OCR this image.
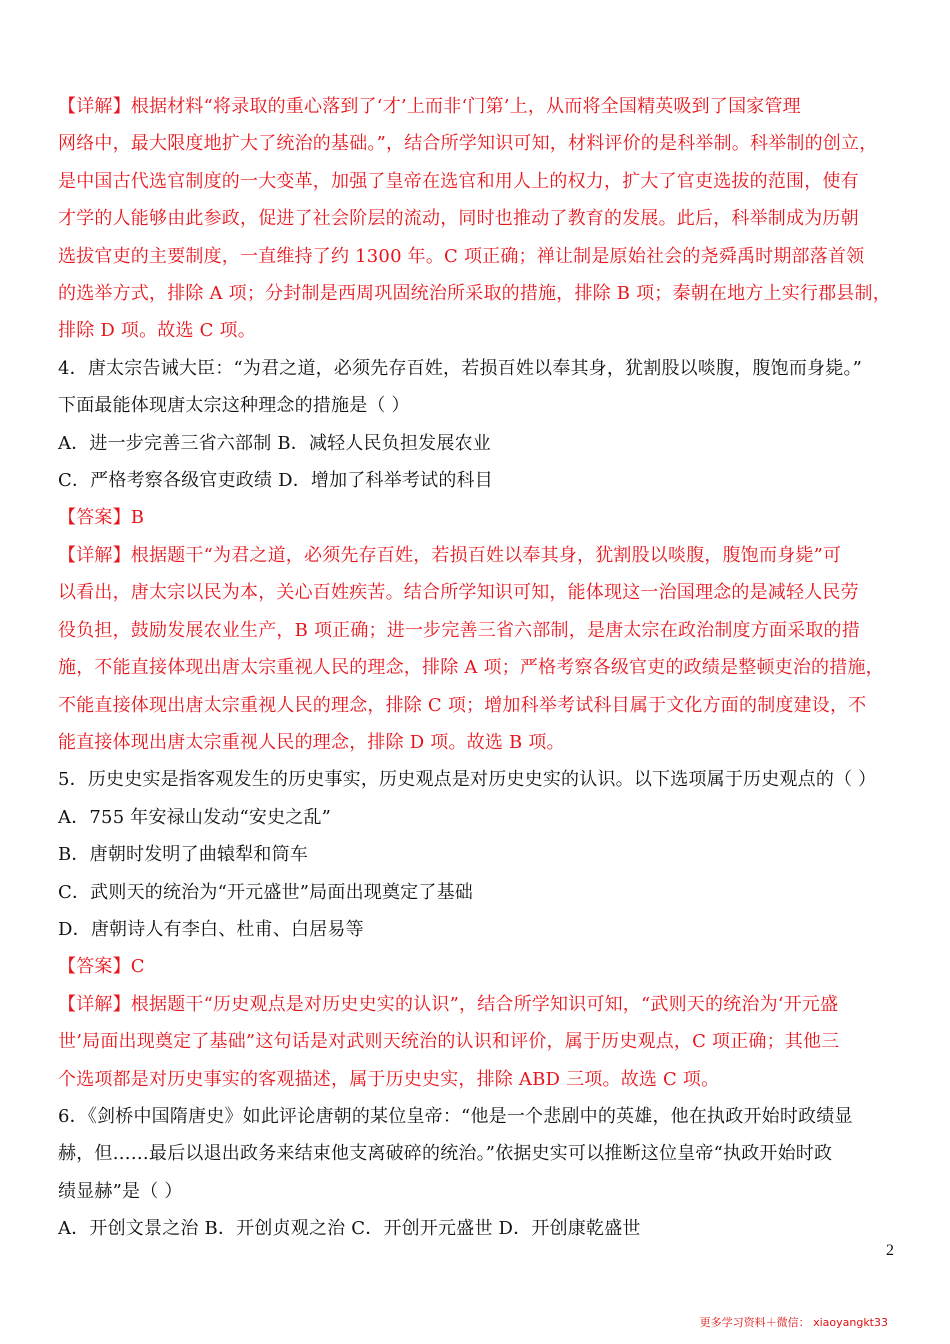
【详解】根据材料“将录取的重心落到了‘才’上而非‘门第’上，从而将全国精英吸到了国家管理
网络中，最大限度地扩大了统治的基础。”，结合所学知识可知，材料评价的是科举制。科举制的创立，
是中国古代选官制度的一大变革，加强了皇帝在选官和用人上的权力，扩大了官吏选拔的范围，使有
才学的人能够由此参政，促进了社会阶层的流动，同时也推动了教育的发展。此后，科举制成为历朝
选拔官吏的主要制度，一直维持了约 1300 年。C 项正确；禅让制是原始社会的尧舜禹时期部落首领
的选举方式，排除 A 项；分封制是西周巩固统治所采取的措施，排除 B 项；秦朝在地方上实行郡县制，
排除 D 项。故选 C 项。
4．唐太宗告诫大臣：“为君之道，必须先存百姓，若损百姓以奉其身，犹割股以啖腹，腹饱而身毙。”
下面最能体现唐太宗这种理念的措施是（ ）
A．进一步完善三省六部制 B．减轻人民负担发展农业
C．严格考察各级官吏政绩 D．增加了科举考试的科目
【答案】B
【详解】根据题干“为君之道，必须先存百姓，若损百姓以奉其身，犹割股以啖腹，腹饱而身毙”可
以看出，唐太宗以民为本，关心百姓疾苦。结合所学知识可知，能体现这一治国理念的是减轻人民劳
役负担，鼓励发展农业生产，B 项正确；进一步完善三省六部制，是唐太宗在政治制度方面采取的措
施，不能直接体现出唐太宗重视人民的理念，排除 A 项；严格考察各级官吏的政绩是整顿吏治的措施，
不能直接体现出唐太宗重视人民的理念，排除 C 项；增加科举考试科目属于文化方面的制度建设，不
能直接体现出唐太宗重视人民的理念，排除 D 项。故选 B 项。
5．历史史实是指客观发生的历史事实，历史观点是对历史史实的认识。以下选项属于历史观点的（ ）
A．755 年安禄山发动“安史之乱”
B．唐朝时发明了曲辕犁和筒车
C．武则天的统治为“开元盛世”局面出现奠定了基础
D．唐朝诗人有李白、杜甫、白居易等
【答案】C
【详解】根据题干“历史观点是对历史史实的认识”，结合所学知识可知，“武则天的统治为‘开元盛
世’局面出现奠定了基础”这句话是对武则天统治的认识和评价，属于历史观点，C 项正确；其他三
个选项都是对历史事实的客观描述，属于历史史实，排除 ABD 三项。故选 C 项。
6．《剑桥中国隋唐史》如此评论唐朝的某位皇帝：“他是一个悲剧中的英雄，他在执政开始时政绩显
赫，但……最后以退出政务来结束他支离破碎的统治。”依据史实可以推断这位皇帝“执政开始时政
绩显赫”是（ ）
A．开创文景之治 B．开创贞观之治 C．开创开元盛世 D．开创康乾盛世
2
更多学习资料＋微信： xiaoyangkt33
